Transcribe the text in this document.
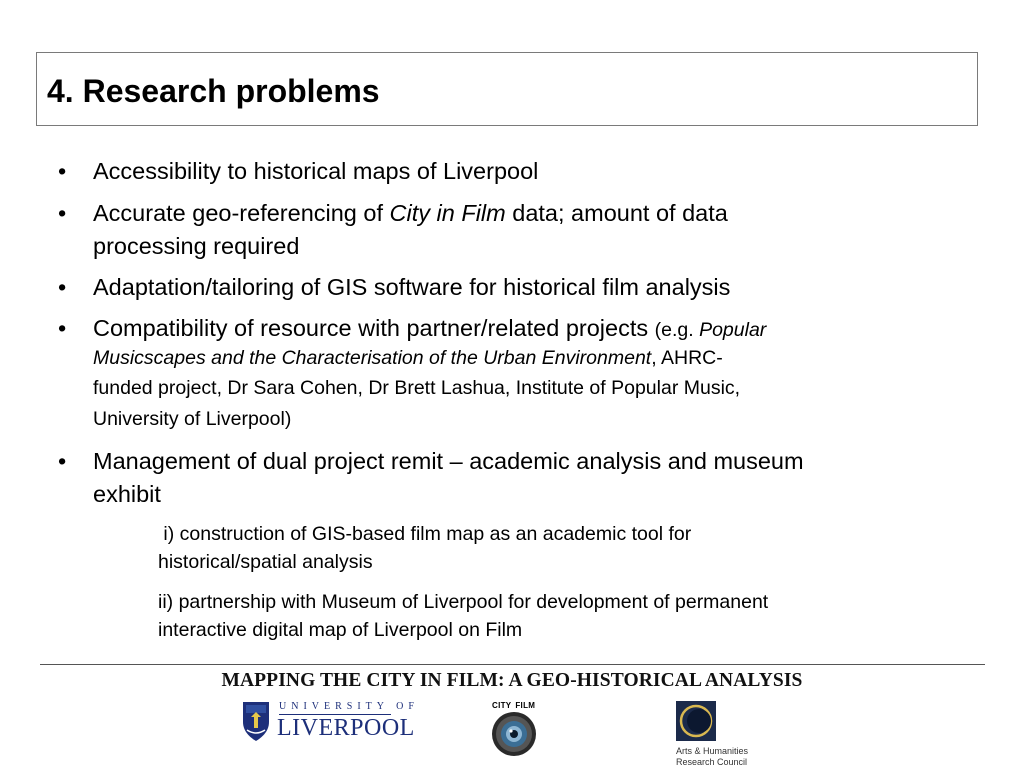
4. Research problems
• Accessibility to historical maps of Liverpool
• Accurate geo-referencing of City in Film data; amount of data
processing required
• Adaptation/tailoring of GIS software for historical film analysis
• Compatibility of resource with partner/related projects (e.g. Popular
Musicscapes and the Characterisation of the Urban Environment, AHRC-
funded project, Dr Sara Cohen, Dr Brett Lashua, Institute of Popular Music,
University of Liverpool)
• Management of dual project remit – academic analysis and museum
exhibit
i) construction of GIS-based film map as an academic tool for
historical/spatial analysis
ii) partnership with Museum of Liverpool for development of permanent
interactive digital map of Liverpool on Film
MAPPING THE CITY IN FILM: A GEO-HISTORICAL ANALYSIS
UNIVERSITY OF
LIVERPOOL
CITY FILM
Arts & Humanities
Research Council
